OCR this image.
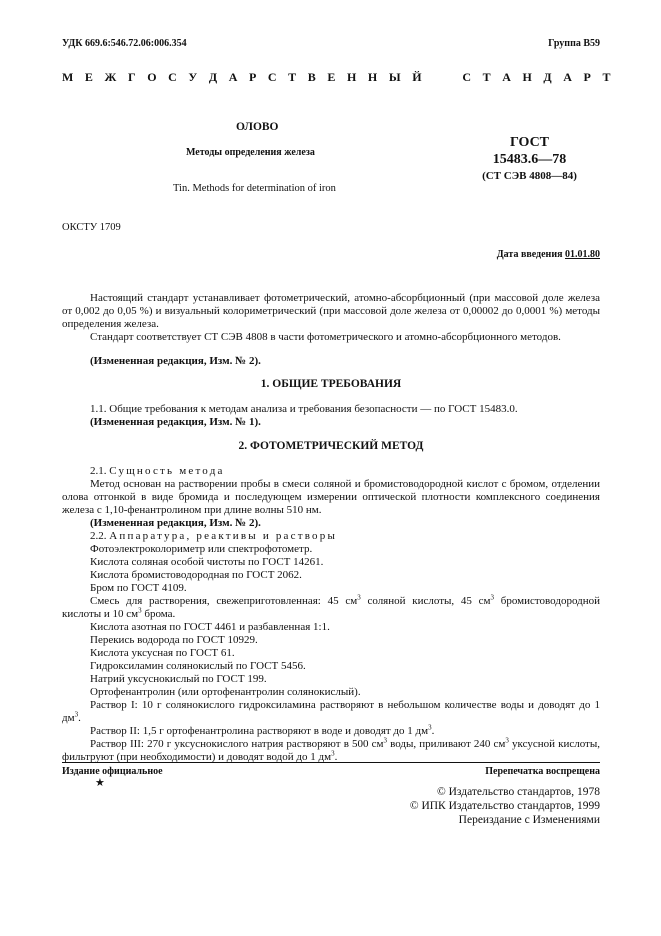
УДК 669.6:546.72.06:006.354	Группа В59
М Е Ж Г О С У Д А Р С Т В Е Н Н Ы Й     С Т А Н Д А Р Т
ОЛОВО
Методы определения железа
Tin. Methods for determination of iron
ГОСТ
15483.6—78
(СТ СЭВ 4808—84)
ОКСТУ 1709
Дата введения 01.01.80
Настоящий стандарт устанавливает фотометрический, атомно-абсорбционный (при массовой доле железа от 0,002 до 0,05 %) и визуальный колориметрический (при массовой доле железа от 0,00002 до 0,0001 %) методы определения железа.
Стандарт соответствует СТ СЭВ 4808 в части фотометрического и атомно-абсорбционного методов.
(Измененная редакция, Изм. № 2).
1. ОБЩИЕ ТРЕБОВАНИЯ
1.1. Общие требования к методам анализа и требования безопасности — по ГОСТ 15483.0.
(Измененная редакция, Изм. № 1).
2. ФОТОМЕТРИЧЕСКИЙ МЕТОД
2.1. Сущность метода
Метод основан на растворении пробы в смеси соляной и бромистоводородной кислот с бромом, отделении олова отгонкой в виде бромида и последующем измерении оптической плотности комплексного соединения железа с 1,10-фенантролином при длине волны 510 нм.
(Измененная редакция, Изм. № 2).
2.2. Аппаратура, реактивы и растворы
Фотоэлектроколориметр или спектрофотометр.
Кислота соляная особой чистоты по ГОСТ 14261.
Кислота бромистоводородная по ГОСТ 2062.
Бром по ГОСТ 4109.
Смесь для растворения, свежеприготовленная: 45 $см^3$ соляной кислоты, 45 $см^3$ бромистоводородной кислоты и 10 $см^3$ брома.
Кислота азотная по ГОСТ 4461 и разбавленная 1:1.
Перекись водорода по ГОСТ 10929.
Кислота уксусная по ГОСТ 61.
Гидроксиламин солянокислый по ГОСТ 5456.
Натрий уксуснокислый по ГОСТ 199.
Ортофенантролин (или ортофенантролин солянокислый).
Раствор I: 10 г солянокислого гидроксиламина растворяют в небольшом количестве воды и доводят до 1 $дм^3$.
Раствор II: 1,5 г ортофенантролина растворяют в воде и доводят до 1 $дм^3$.
Раствор III: 270 г уксуснокислого натрия растворяют в 500 $см^3$ воды, приливают 240 $см^3$ уксусной кислоты, фильтруют (при необходимости) и доводят водой до 1 $дм^3$.
Издание официальное
★
Перепечатка воспрещена
© Издательство стандартов, 1978
© ИПК Издательство стандартов, 1999
Переиздание с Изменениями
